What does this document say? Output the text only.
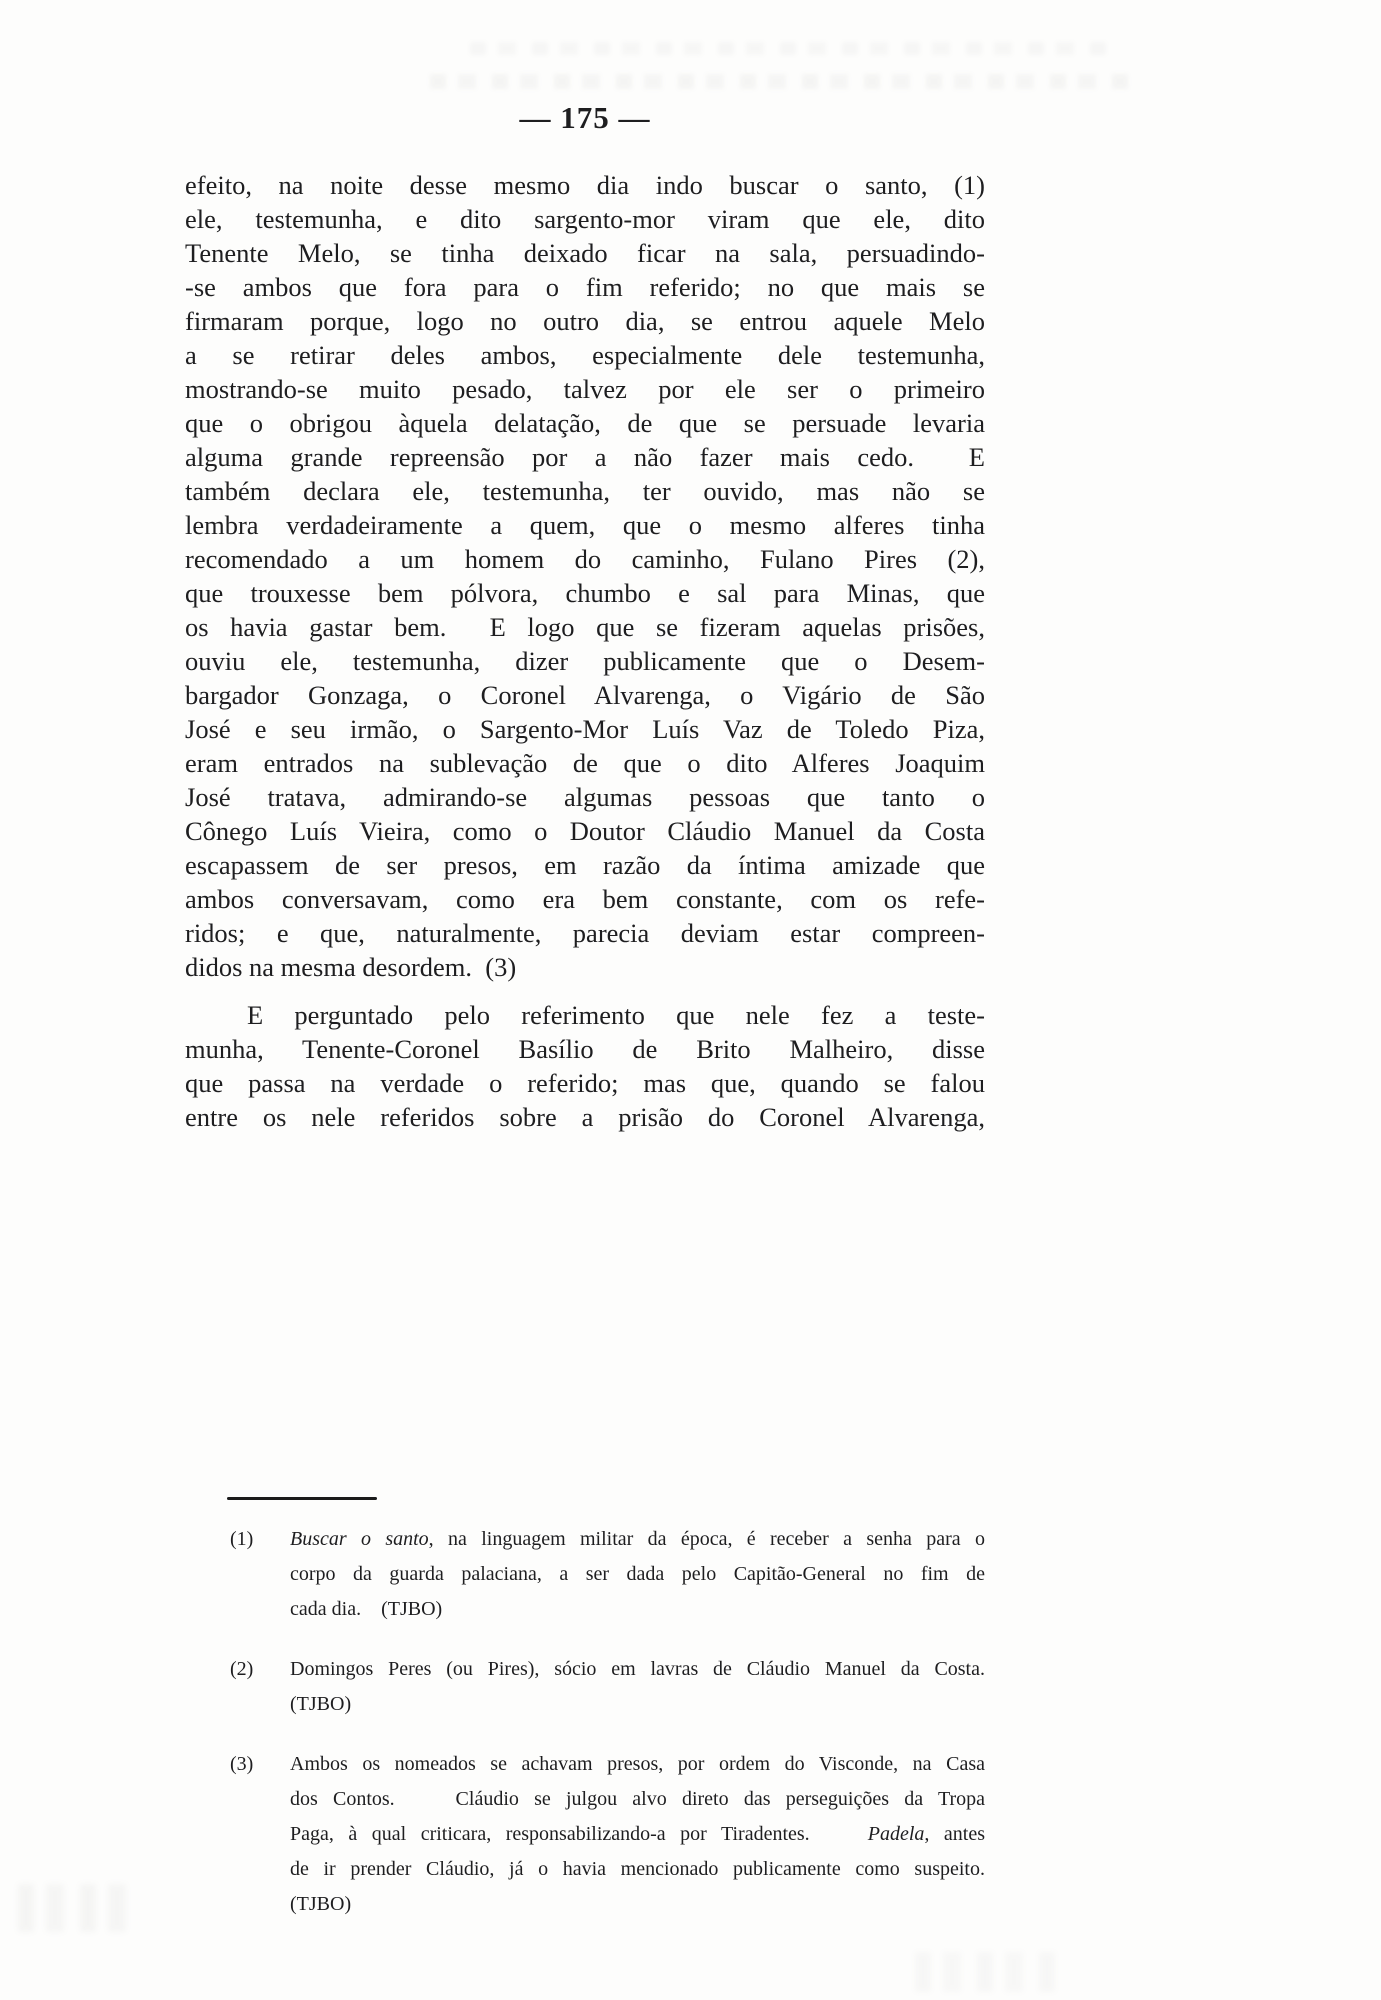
— 175 —
efeito, na noite desse mesmo dia indo buscar o santo, (1)
ele, testemunha, e dito sargento-mor viram que ele, dito
Tenente Melo, se tinha deixado ficar na sala, persuadindo-
-se ambos que fora para o fim referido; no que mais se
firmaram porque, logo no outro dia, se entrou aquele Melo
a se retirar deles ambos, especialmente dele testemunha,
mostrando-se muito pesado, talvez por ele ser o primeiro
que o obrigou àquela delatação, de que se persuade levaria
alguma grande repreensão por a não fazer mais cedo.  E
também declara ele, testemunha, ter ouvido, mas não se
lembra verdadeiramente a quem, que o mesmo alferes tinha
recomendado a um homem do caminho, Fulano Pires (2),
que trouxesse bem pólvora, chumbo e sal para Minas, que
os havia gastar bem.  E logo que se fizeram aquelas prisões,
ouviu ele, testemunha, dizer publicamente que o Desem-
bargador Gonzaga, o Coronel Alvarenga, o Vigário de São
José e seu irmão, o Sargento-Mor Luís Vaz de Toledo Piza,
eram entrados na sublevação de que o dito Alferes Joaquim
José tratava, admirando-se algumas pessoas que tanto o
Cônego Luís Vieira, como o Doutor Cláudio Manuel da Costa
escapassem de ser presos, em razão da íntima amizade que
ambos conversavam, como era bem constante, com os refe-
ridos; e que, naturalmente, parecia deviam estar compreen-
didos na mesma desordem.  (3)
E perguntado pelo referimento que nele fez a teste-
munha, Tenente-Coronel Basílio de Brito Malheiro, disse
que passa na verdade o referido; mas que, quando se falou
entre os nele referidos sobre a prisão do Coronel Alvarenga,
(1)	Buscar o santo, na linguagem militar da época, é receber a senha para o
corpo da guarda palaciana, a ser dada pelo Capitão-General no fim de
cada dia.    (TJBO)
(2)	Domingos Peres (ou Pires), sócio em lavras de Cláudio Manuel da Costa.
(TJBO)
(3)	Ambos os nomeados se achavam presos, por ordem do Visconde, na Casa
dos Contos.    Cláudio se julgou alvo direto das perseguições da Tropa
Paga, à qual criticara, responsabilizando-a por Tiradentes.    Padela, antes
de ir prender Cláudio, já o havia mencionado publicamente como suspeito.
(TJBO)
